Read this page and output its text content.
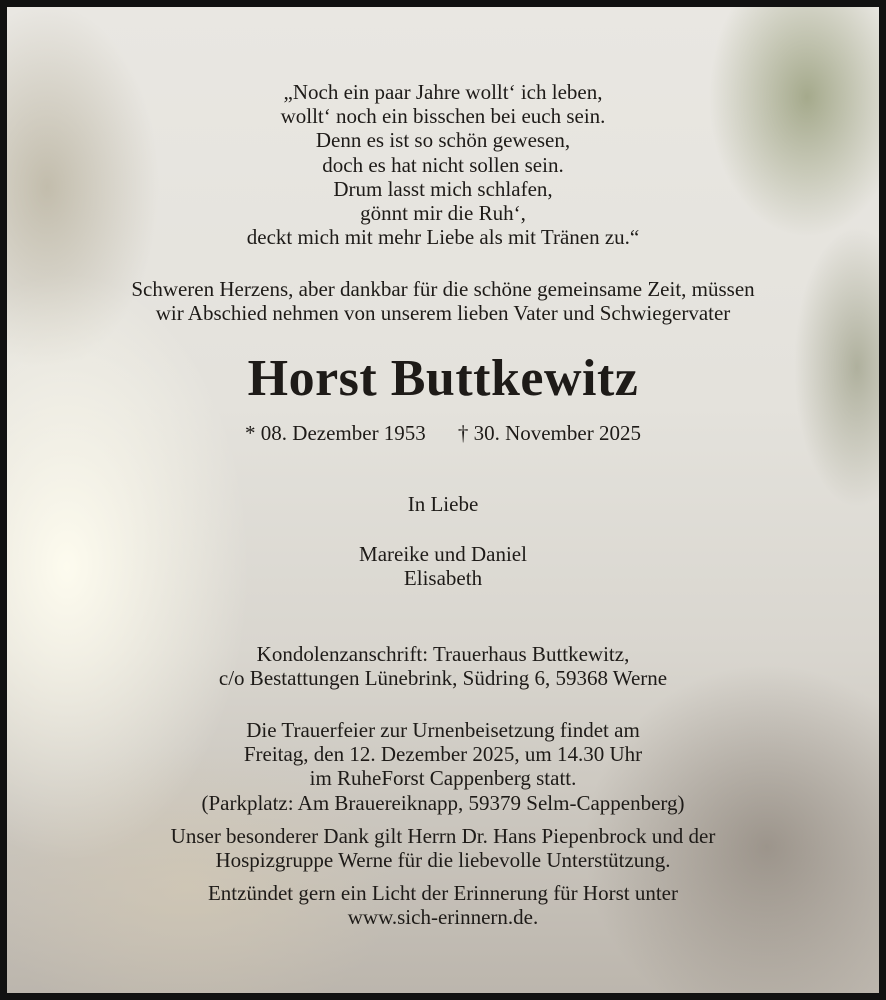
„Noch ein paar Jahre wollt‘ ich leben,
wollt‘ noch ein bisschen bei euch sein.
Denn es ist so schön gewesen,
doch es hat nicht sollen sein.
Drum lasst mich schlafen,
gönnt mir die Ruh‘,
deckt mich mit mehr Liebe als mit Tränen zu.“
Schweren Herzens, aber dankbar für die schöne gemeinsame Zeit, müssen
wir Abschied nehmen von unserem lieben Vater und Schwiegervater
Horst Buttkewitz
* 08. Dezember 1953 † 30. November 2025
In Liebe
Mareike und Daniel
Elisabeth
Kondolenzanschrift: Trauerhaus Buttkewitz,
c/o Bestattungen Lünebrink, Südring 6, 59368 Werne
Die Trauerfeier zur Urnenbeisetzung findet am
Freitag, den 12. Dezember 2025, um 14.30 Uhr
im RuheForst Cappenberg statt.
(Parkplatz: Am Brauereiknapp, 59379 Selm-Cappenberg)
Unser besonderer Dank gilt Herrn Dr. Hans Piepenbrock und der
Hospizgruppe Werne für die liebevolle Unterstützung.
Entzündet gern ein Licht der Erinnerung für Horst unter
www.sich-erinnern.de.
